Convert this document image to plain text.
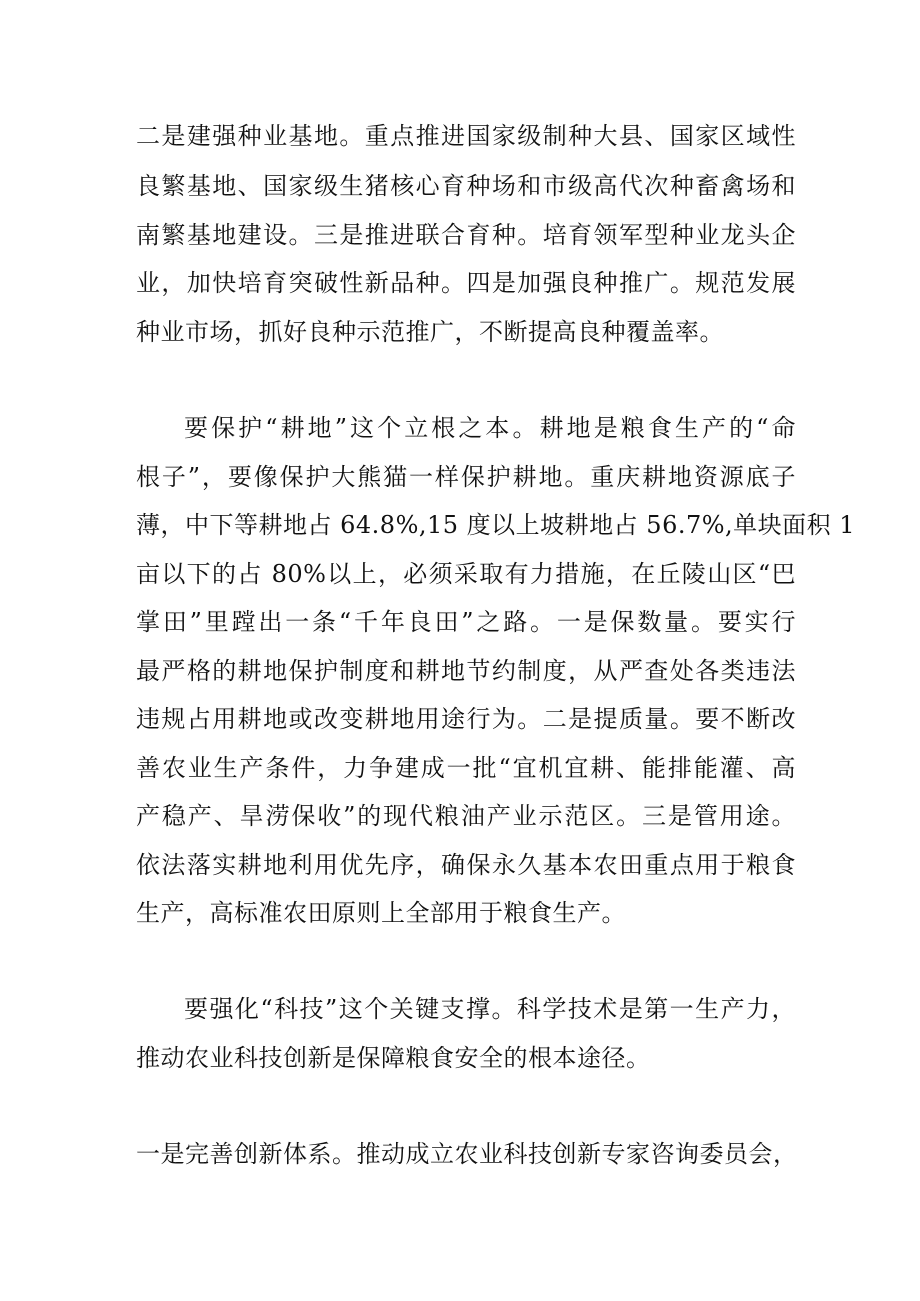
二是建强种业基地。重点推进国家级制种大县、国家区域性
良繁基地、国家级生猪核心育种场和市级高代次种畜禽场和
南繁基地建设。三是推进联合育种。培育领军型种业龙头企
业，加快培育突破性新品种。四是加强良种推广。规范发展
种业市场，抓好良种示范推广，不断提高良种覆盖率。
要保护“耕地”这个立根之本。耕地是粮食生产的“命
根子”，要像保护大熊猫一样保护耕地。重庆耕地资源底子
薄，中下等耕地占 64.8%,15 度以上坡耕地占 56.7%,单块面积 1
亩以下的占 80%以上，必须采取有力措施，在丘陵山区“巴
掌田”里蹚出一条“千年良田”之路。一是保数量。要实行
最严格的耕地保护制度和耕地节约制度，从严查处各类违法
违规占用耕地或改变耕地用途行为。二是提质量。要不断改
善农业生产条件，力争建成一批“宜机宜耕、能排能灌、高
产稳产、旱涝保收”的现代粮油产业示范区。三是管用途。
依法落实耕地利用优先序，确保永久基本农田重点用于粮食
生产，高标准农田原则上全部用于粮食生产。
要强化“科技”这个关键支撑。科学技术是第一生产力，
推动农业科技创新是保障粮食安全的根本途径。
一是完善创新体系。推动成立农业科技创新专家咨询委员会，
